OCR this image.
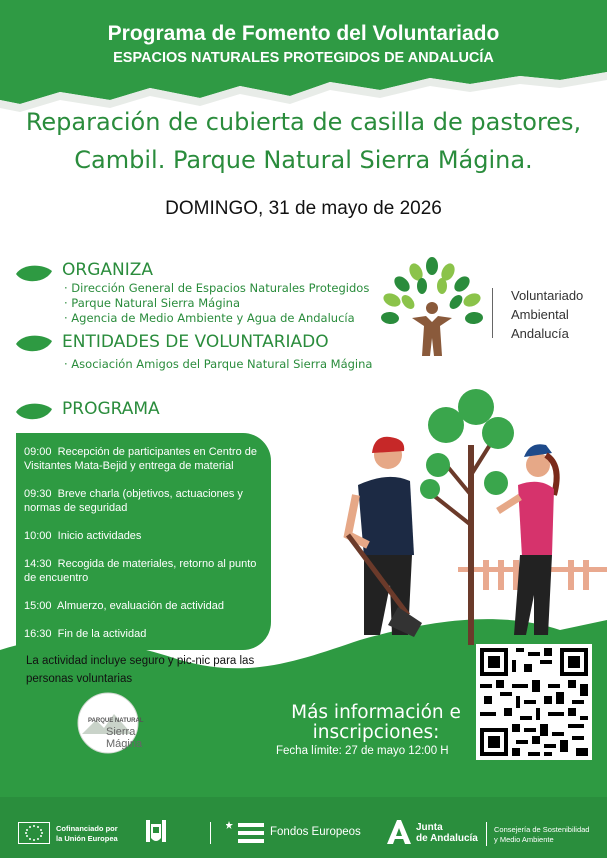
Programa de Fomento del Voluntariado
ESPACIOS NATURALES PROTEGIDOS DE ANDALUCÍA
Reparación de cubierta de casilla de pastores,
Cambil. Parque Natural Sierra Mágina.
DOMINGO, 31 de mayo de 2026
ORGANIZA
· Dirección General de Espacios Naturales Protegidos
· Parque Natural Sierra Mágina
· Agencia de Medio Ambiente y Agua de Andalucía
ENTIDADES DE VOLUNTARIADO
· Asociación Amigos del Parque Natural Sierra Mágina
Voluntariado
Ambiental
Andalucía
PROGRAMA
09:00 Recepción de participantes en Centro de Visitantes Mata-Bejid y entrega de material
09:30 Breve charla (objetivos, actuaciones y normas de seguridad
10:00 Inicio actividades
14:30 Recogida de materiales, retorno al punto de encuentro
15:00 Almuerzo, evaluación de actividad
16:30 Fin de la actividad
La actividad incluye seguro y pic-nic para las personas voluntarias
PARQUE NATURAL
Sierra
Mágina
Más información e inscripciones:
Fecha límite: 27 de mayo 12:00 H
Cofinanciado por
la Unión Europea
Fondos Europeos	Junta
de Andalucía
Consejería de Sostenibilidad
y Medio Ambiente
